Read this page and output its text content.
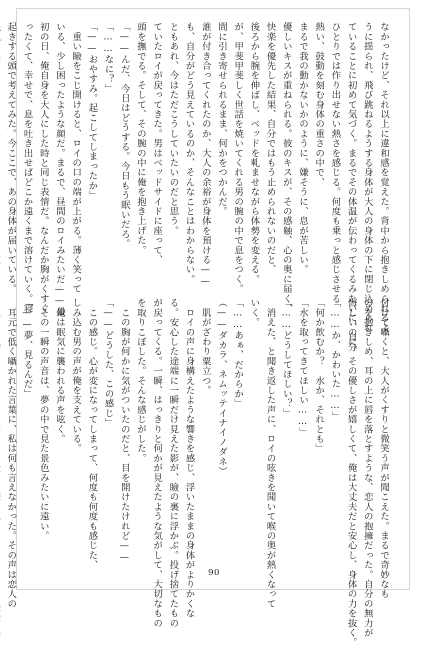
なかったけど、それ以上に違和感を覚えた。背中から抱きしめられるよ
うに揺られ、飛び跳ねるようする身体が大人の身体の下に閉じ込められ
ていることに初めて気づく。まるでその体温が伝わってくるみたいに、自分
ひとりでは作り出せない熱さを感じる。何度も乗っと感じさせる
熱い、鼓動を刻む身体の重さの中で、
まるで我の動かないかのように、嫌そうに、息が苦しい。
優しいキスが重ねられる。彼のキスが、その感触、心の奥に届く、
快楽を優先した結果、自分ではもう止められないのだと、
後ろから腕を伸ばし、ベッドを軋ませながら体勢を変える。
が、甲斐甲斐しく世話を焼いてくれる男の腕の中で息をつく。
間に引き寄せられるまま、何かをつかんだ。
誰が付き合ってくれたのか、大人の余裕が身体を預ける——
も、自分がどう見えているのか、そんなことはわからない。
ともあれ、今はただこうしていたいのだと思う。
ていたロイが戻ってきた。男はベッドサイドに座って、
頭を撫でる。そして、その腕の中に俺を抱き上げた。
「——んだ、今日はどうする。今日もう眠いだろ。
「……なに？」
「——おやすみ。起こしてしまったか」
　重い瞼をこじ開けると、ロイの口の端が上がる。薄く笑って
いる、少し困ったような顔だ。まるで、昼間のロイみたいだ——最
初の日、俺自身を大人にした時と同じ表情だ。なんだか胸がくすぐ
ったくて、幸せで、息を吐き出せばどこか遠くまで溶けていく。寝
起きする頭で考えてみた。今ここで、あの身体が届いている。

付けて囁くと、大人がくすりと微笑う声が聞こえた。まるで奇妙なも
のを抱きしめ、耳の上に唇を落とすような、恋人の抱擁だった。自分の無力が
悔しいのに、その優しさが嬉しくて、俺は大丈夫だと安心し、身体の力を抜く。
「……か、かわいた……」
「何か飲むか？　水か、それとも」
「水を取ってきてほしい……」
「……どうしてほしい？」
　消えた、と聞き返した声に、ロイの呟きを聞いて喉の奥が熱くなって
いく。
「……あぁ、だからか」
（——ダカラ、ネムッテイナイノダネ）
　肌がざわり粟立つ。
　ロイの声に身構えたような響きを感じ、浮いたままの身体がよりかくな
る。安心した途端に一瞬だけ見えた影が、瞼の裏に浮かぶ。投げ捨てたもの
が戻ってくる。一瞬、はっきりと何かが見えたような気がして、大切なもの
を取りこぼした。そんな感じがした。
　この胸が何かに気がついたのだと、目を開けたけれど——
「——どうした、この感じ」
　この感じ。心が変になってしまって、何度も何度も感じた、
しみ込む男の声が俺を支えている。
　俺は眠気に襲われる声を呟く。
　その一瞬の声音は、夢の中で見た景色みたいに遠い。
「——夢、見るんだ」
　耳元で低く囁かれた言葉に、私は何も言えなかった。その声は恋人の	90
